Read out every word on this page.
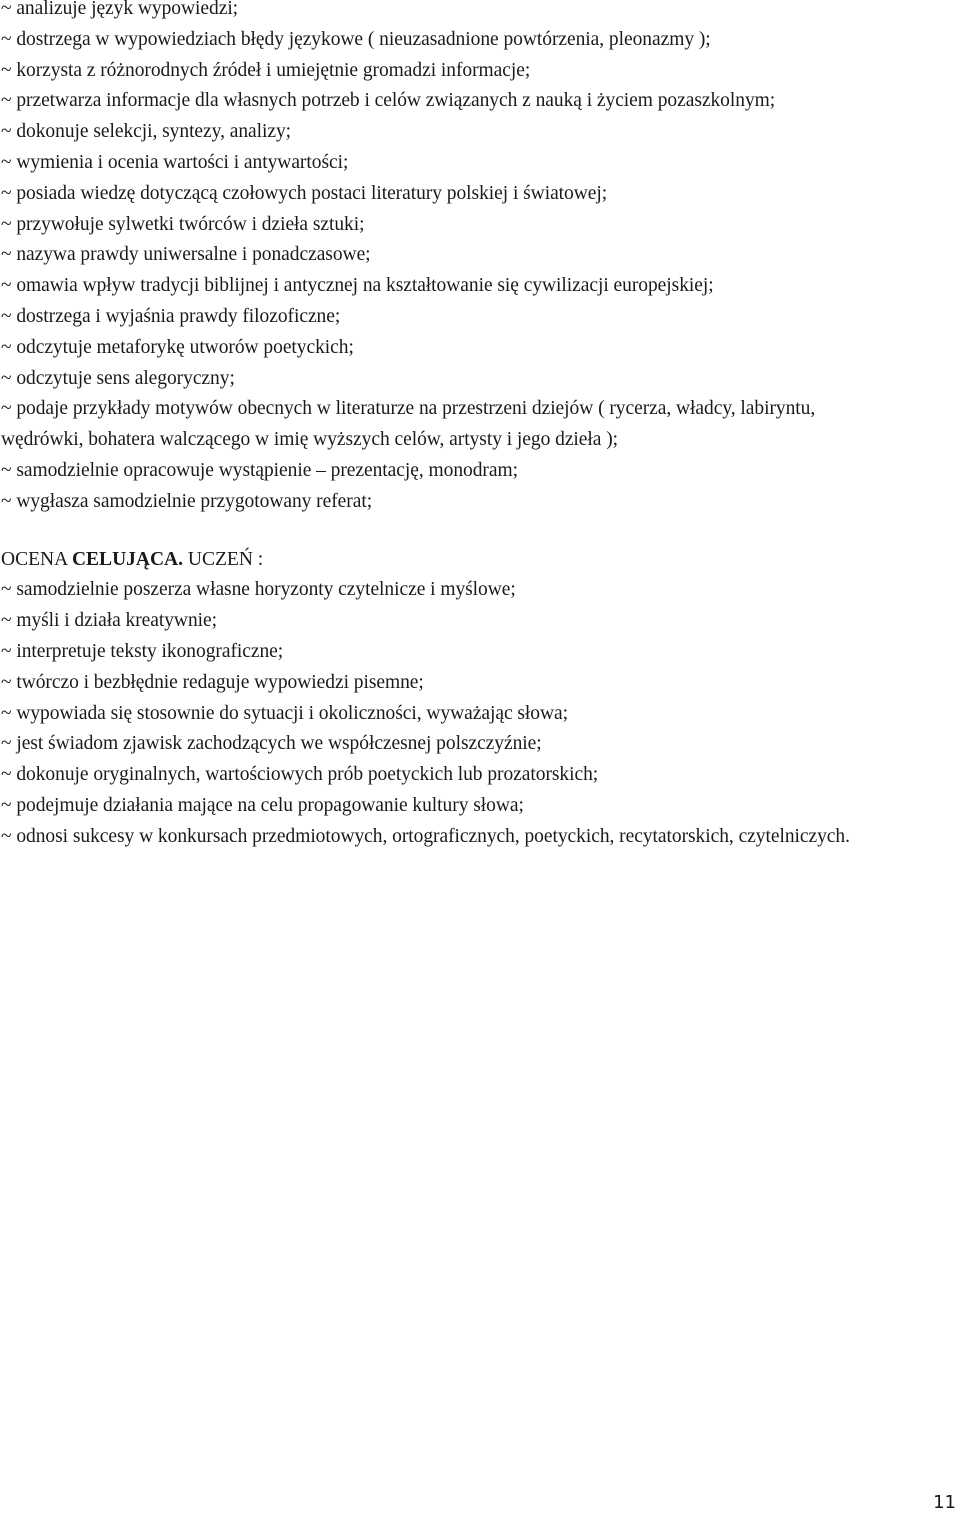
~ analizuje język wypowiedzi;
~ dostrzega w wypowiedziach błędy językowe ( nieuzasadnione powtórzenia, pleonazmy );
~ korzysta z różnorodnych źródeł i umiejętnie gromadzi informacje;
~ przetwarza informacje dla własnych potrzeb i celów związanych z nauką i życiem pozaszkolnym;
~ dokonuje selekcji, syntezy, analizy;
~ wymienia i ocenia wartości i antywartości;
~ posiada wiedzę dotyczącą czołowych postaci literatury polskiej i światowej;
~ przywołuje sylwetki twórców i dzieła sztuki;
~ nazywa prawdy uniwersalne i ponadczasowe;
~ omawia wpływ tradycji biblijnej i antycznej na kształtowanie się cywilizacji europejskiej;
~ dostrzega i wyjaśnia prawdy filozoficzne;
~ odczytuje metaforykę utworów poetyckich;
~ odczytuje sens alegoryczny;
~ podaje przykłady motywów obecnych w literaturze na przestrzeni dziejów ( rycerza, władcy, labiryntu, wędrówki, bohatera walczącego w imię wyższych celów, artysty i jego dzieła );
~ samodzielnie opracowuje wystąpienie – prezentację, monodram;
~ wygłasza samodzielnie przygotowany referat;
OCENA CELUJĄCA. UCZEŃ :
~ samodzielnie poszerza własne horyzonty czytelnicze i myślowe;
~ myśli i działa kreatywnie;
~ interpretuje teksty ikonograficzne;
~ twórczo i bezbłędnie redaguje wypowiedzi pisemne;
~ wypowiada się stosownie do sytuacji i okoliczności, wyważając słowa;
~ jest świadom zjawisk zachodzących we współczesnej polszczyźnie;
~ dokonuje oryginalnych, wartościowych prób poetyckich lub prozatorskich;
~ podejmuje działania mające na celu propagowanie kultury słowa;
~ odnosi sukcesy w konkursach przedmiotowych, ortograficznych, poetyckich, recytatorskich, czytelniczych.
11
